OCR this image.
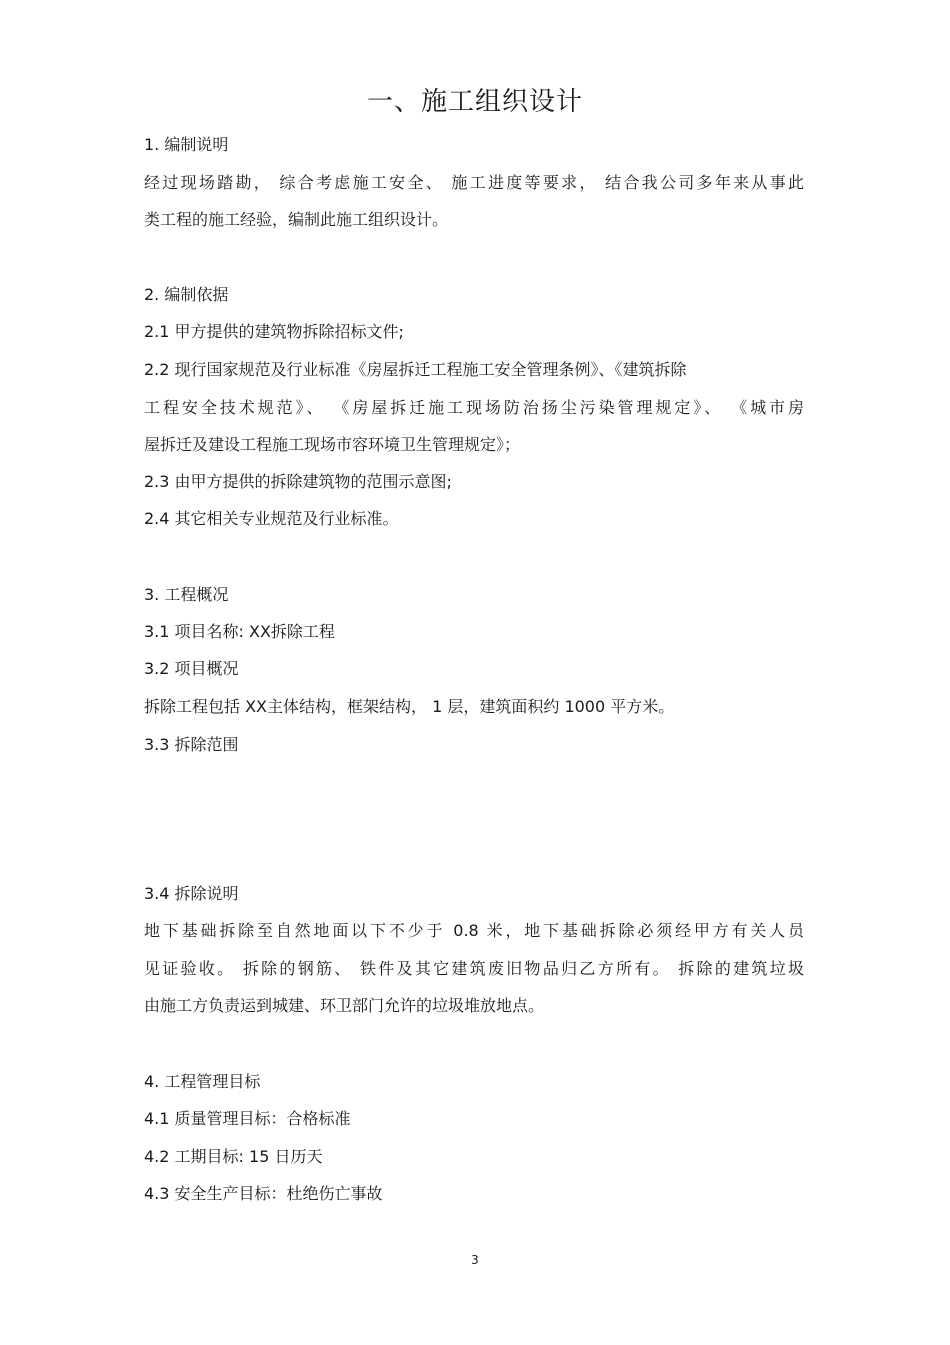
一、施工组织设计
1. 编制说明
经过现场踏勘， 综合考虑施工安全、 施工进度等要求， 结合我公司多年来从事此
类工程的施工经验，编制此施工组织设计。
2. 编制依据
2.1 甲方提供的建筑物拆除招标文件;
2.2 现行国家规范及行业标准《房屋拆迁工程施工安全管理条例》、《建筑拆除
工程安全技术规范》、 《房屋拆迁施工现场防治扬尘污染管理规定》、 《城市房
屋拆迁及建设工程施工现场市容环境卫生管理规定》；
2.3 由甲方提供的拆除建筑物的范围示意图;
2.4 其它相关专业规范及行业标准。
3. 工程概况
3.1 项目名称: XX拆除工程
3.2 项目概况
拆除工程包括 XX主体结构，框架结构， 1 层，建筑面积约 1000 平方米。
3.3 拆除范围
3.4 拆除说明
地下基础拆除至自然地面以下不少于 0.8 米，地下基础拆除必须经甲方有关人员
见证验收。 拆除的钢筋、 铁件及其它建筑废旧物品归乙方所有。 拆除的建筑垃圾
由施工方负责运到城建、环卫部门允许的垃圾堆放地点。
4. 工程管理目标
4.1 质量管理目标：合格标准
4.2 工期目标: 15 日历天
4.3 安全生产目标：杜绝伤亡事故
3
